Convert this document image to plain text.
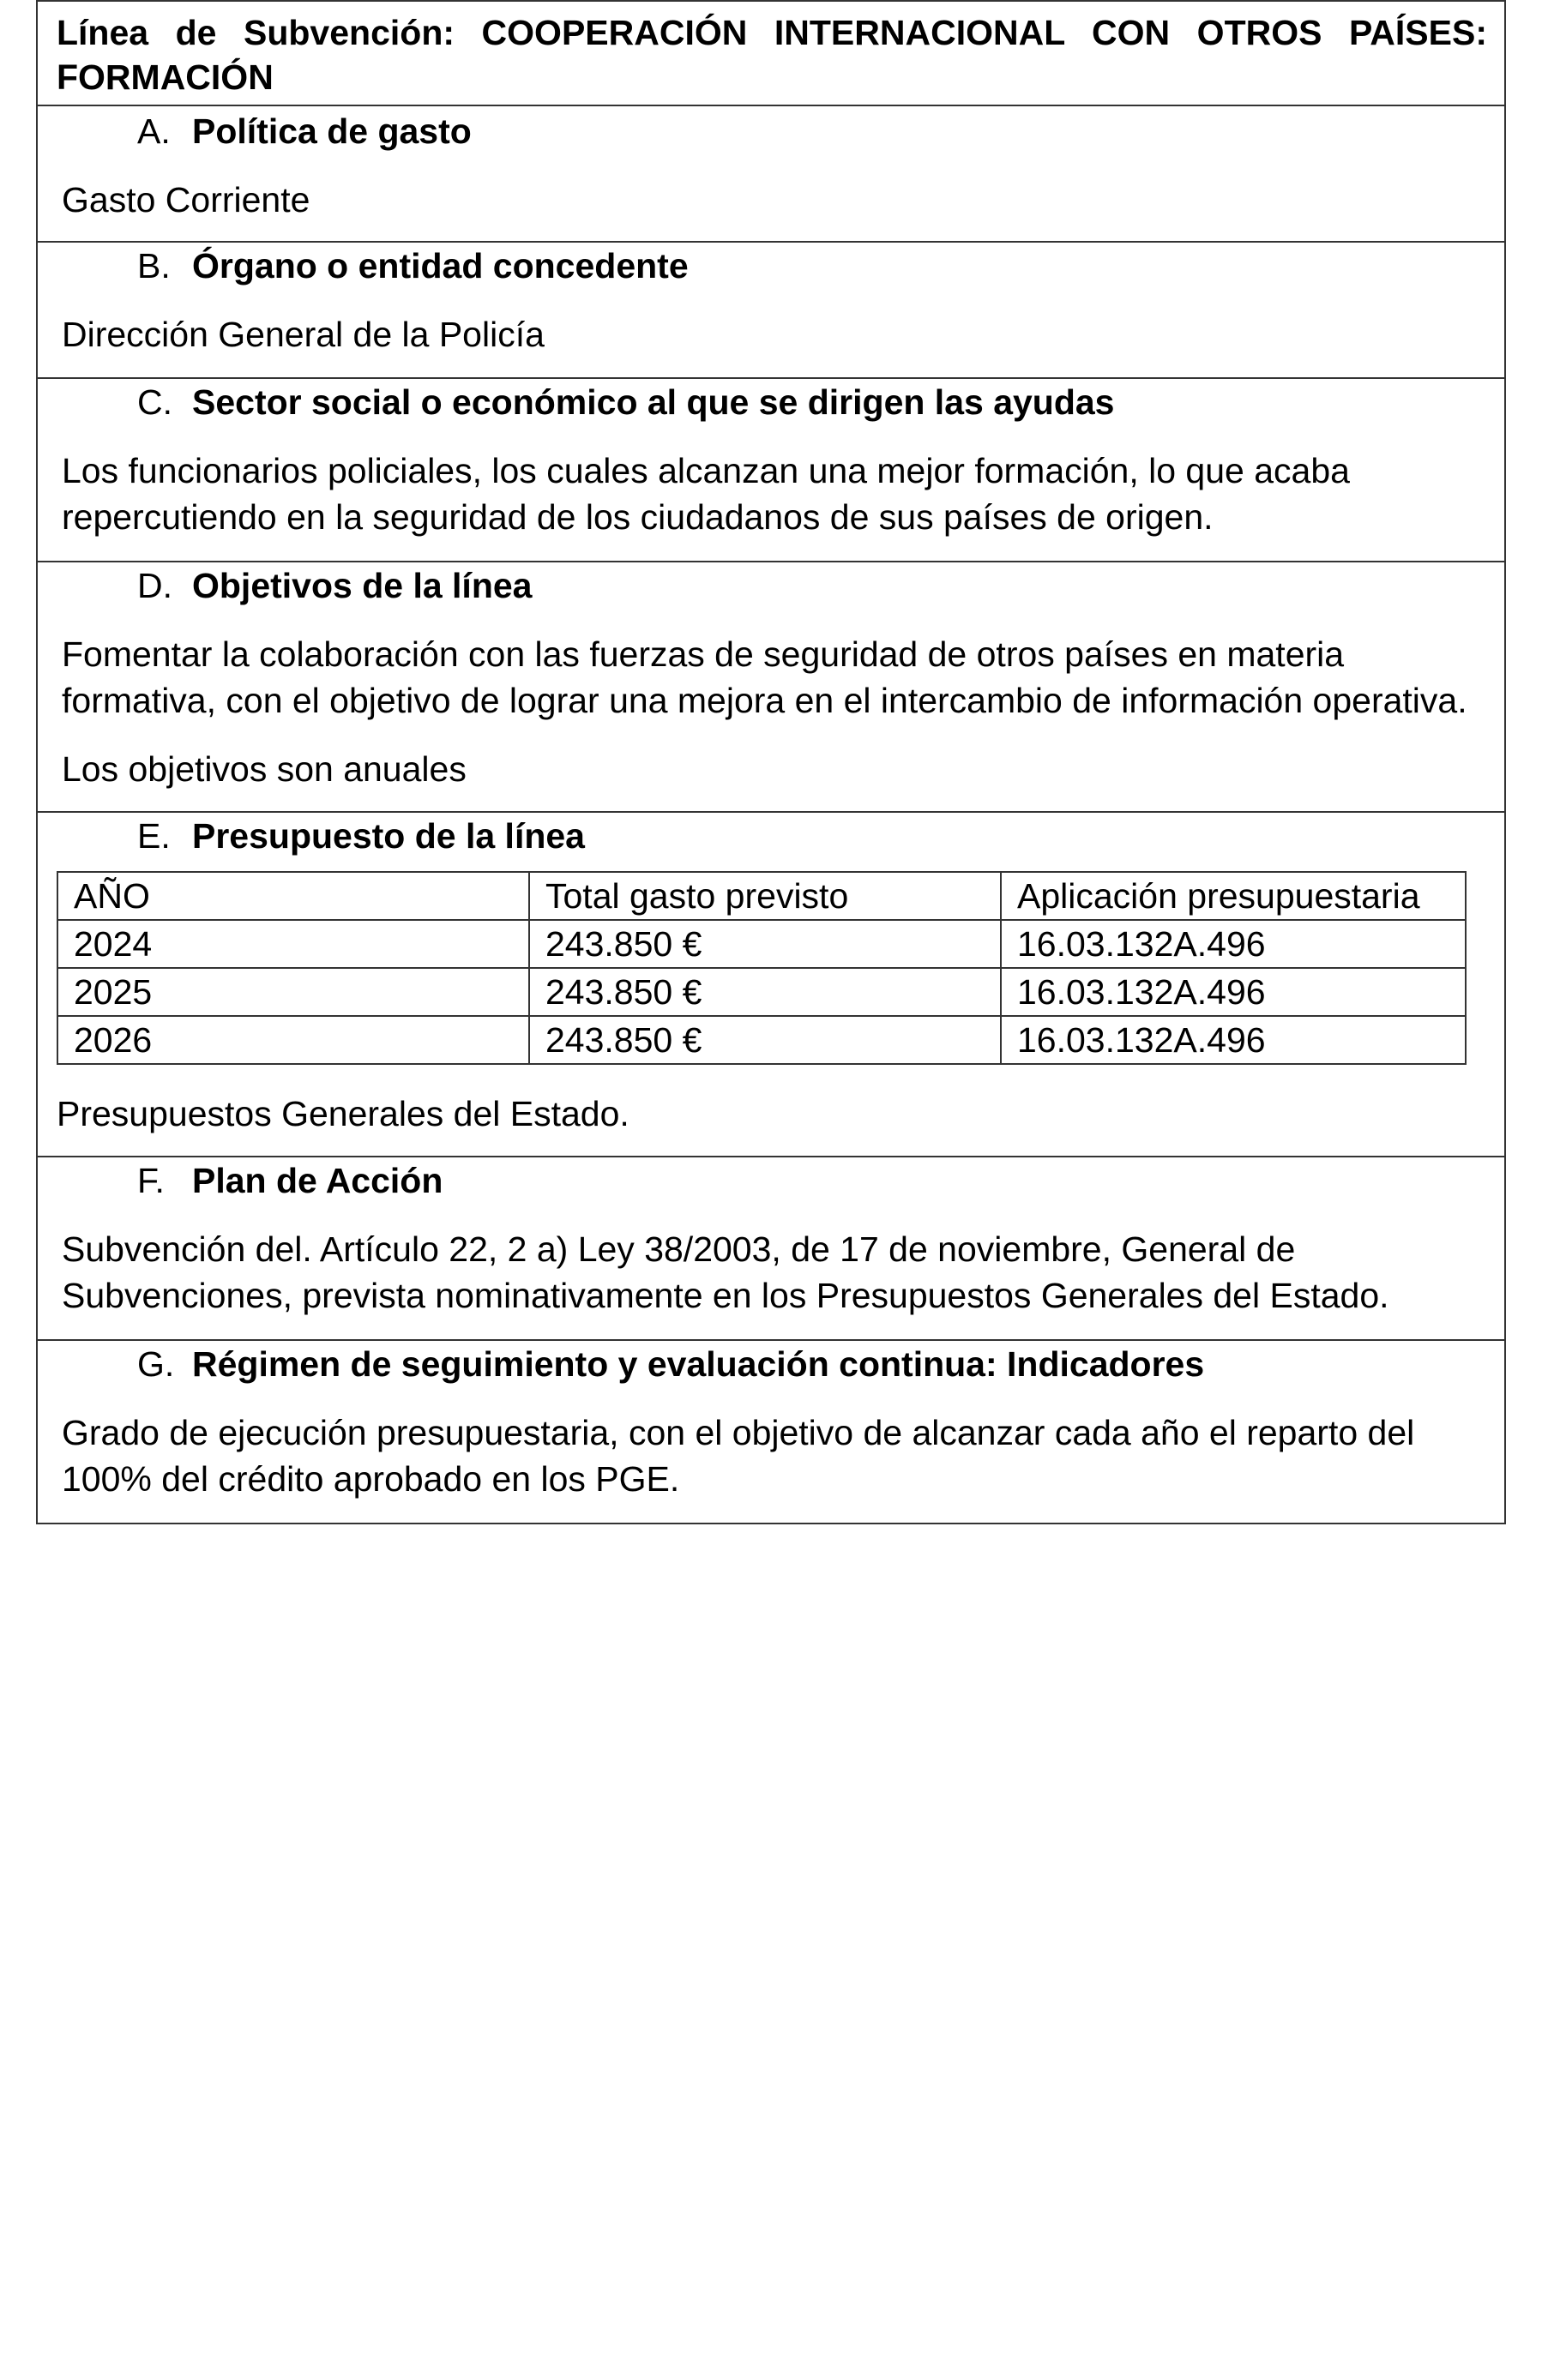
Línea de Subvención: COOPERACIÓN INTERNACIONAL CON OTROS PAÍSES: FORMACIÓN
A. Política de gasto

Gasto Corriente

B. Órgano o entidad concedente

Dirección General de la Policía

C. Sector social o económico al que se dirigen las ayudas

Los funcionarios policiales, los cuales alcanzan una mejor formación, lo que acaba repercutiendo en la seguridad de los ciudadanos de sus países de origen.

D. Objetivos de la línea

Fomentar la colaboración con las fuerzas de seguridad de otros países en materia formativa, con el objetivo de lograr una mejora en el intercambio de información operativa.

Los objetivos son anuales

E. Presupuesto de la línea
AÑO	Total gasto previsto	Aplicación presupuestaria
2024	243.850 €	16.03.132A.496
2025	243.850 €	16.03.132A.496
2026	243.850 €	16.03.132A.496
Presupuestos Generales del Estado.
F. Plan de Acción

Subvención del. Artículo 22, 2 a) Ley 38/2003, de 17 de noviembre, General de Subvenciones, prevista nominativamente en los Presupuestos Generales del Estado.

G. Régimen de seguimiento y evaluación continua: Indicadores

Grado de ejecución presupuestaria, con el objetivo de alcanzar cada año el reparto del 100% del crédito aprobado en los PGE.
